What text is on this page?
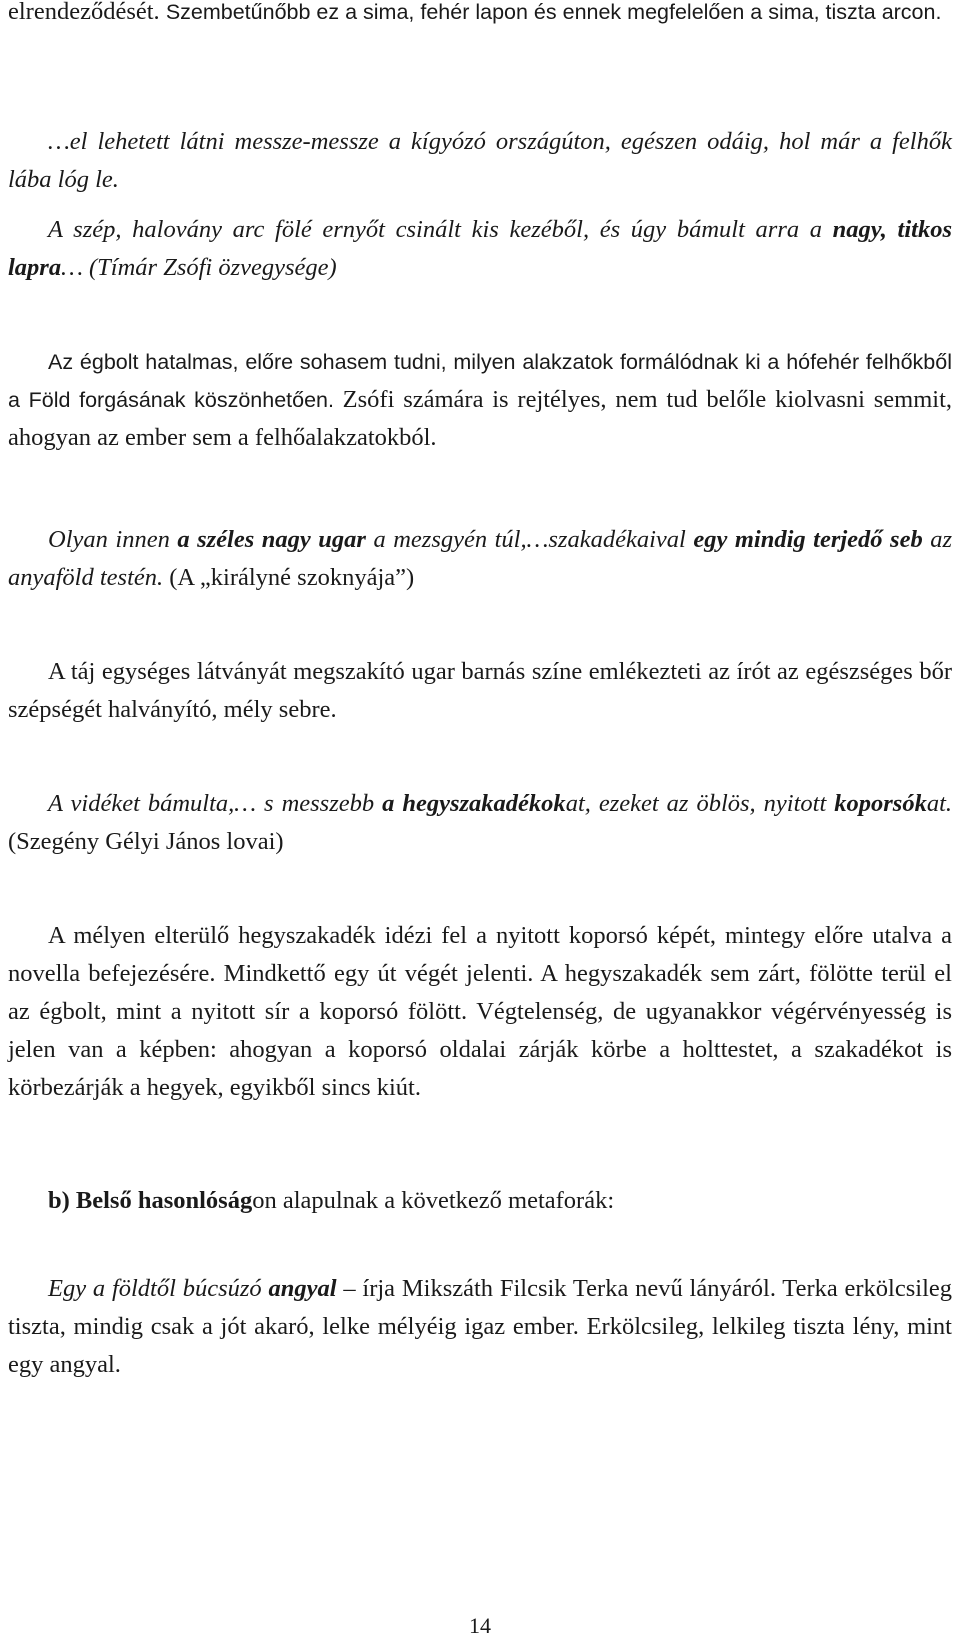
elrendeződését. Szembetűnőbb ez a sima, fehér lapon és ennek megfelelően a sima, tiszta arcon.

…el lehetett látni messze-messze a kígyózó országúton, egészen odáig, hol már a felhők lába lóg le.

A szép, halovány arc fölé ernyőt csinált kis kezéből, és úgy bámult arra a nagy, titkos lapra… (Tímár Zsófi özvegysége)

Az égbolt hatalmas, előre sohasem tudni, milyen alakzatok formálódnak ki a hófehér felhőkből a Föld forgásának köszönhetően. Zsófi számára is rejtélyes, nem tud belőle kiolvasni semmit, ahogyan az ember sem a felhőalakzatokból.

Olyan innen a széles nagy ugar a mezsgyén túl,…szakadékaival egy mindig terjedő seb az anyaföld testén. (A „királyné szoknyája”)

A táj egységes látványát megszakító ugar barnás színe emlékezteti az írót az egészséges bőr szépségét halványító, mély sebre.

A vidéket bámulta,… s messzebb a hegyszakadékokat, ezeket az öblös, nyitott koporsókat. (Szegény Gélyi János lovai)

A mélyen elterülő hegyszakadék idézi fel a nyitott koporsó képét, mintegy előre utalva a novella befejezésére. Mindkettő egy út végét jelenti. A hegyszakadék sem zárt, fölötte terül el az égbolt, mint a nyitott sír a koporsó fölött. Végtelenség, de ugyanakkor végérvényesség is jelen van a képben: ahogyan a koporsó oldalai zárják körbe a holttestet, a szakadékot is körbezárják a hegyek, egyikből sincs kiút.

b) Belső hasonlóságon alapulnak a következő metaforák:

Egy a földtől búcsúzó angyal – írja Mikszáth Filcsik Terka nevű lányáról. Terka erkölcsileg tiszta, mindig csak a jót akaró, lelke mélyéig igaz ember. Erkölcsileg, lelkileg tiszta lény, mint egy angyal.

14
